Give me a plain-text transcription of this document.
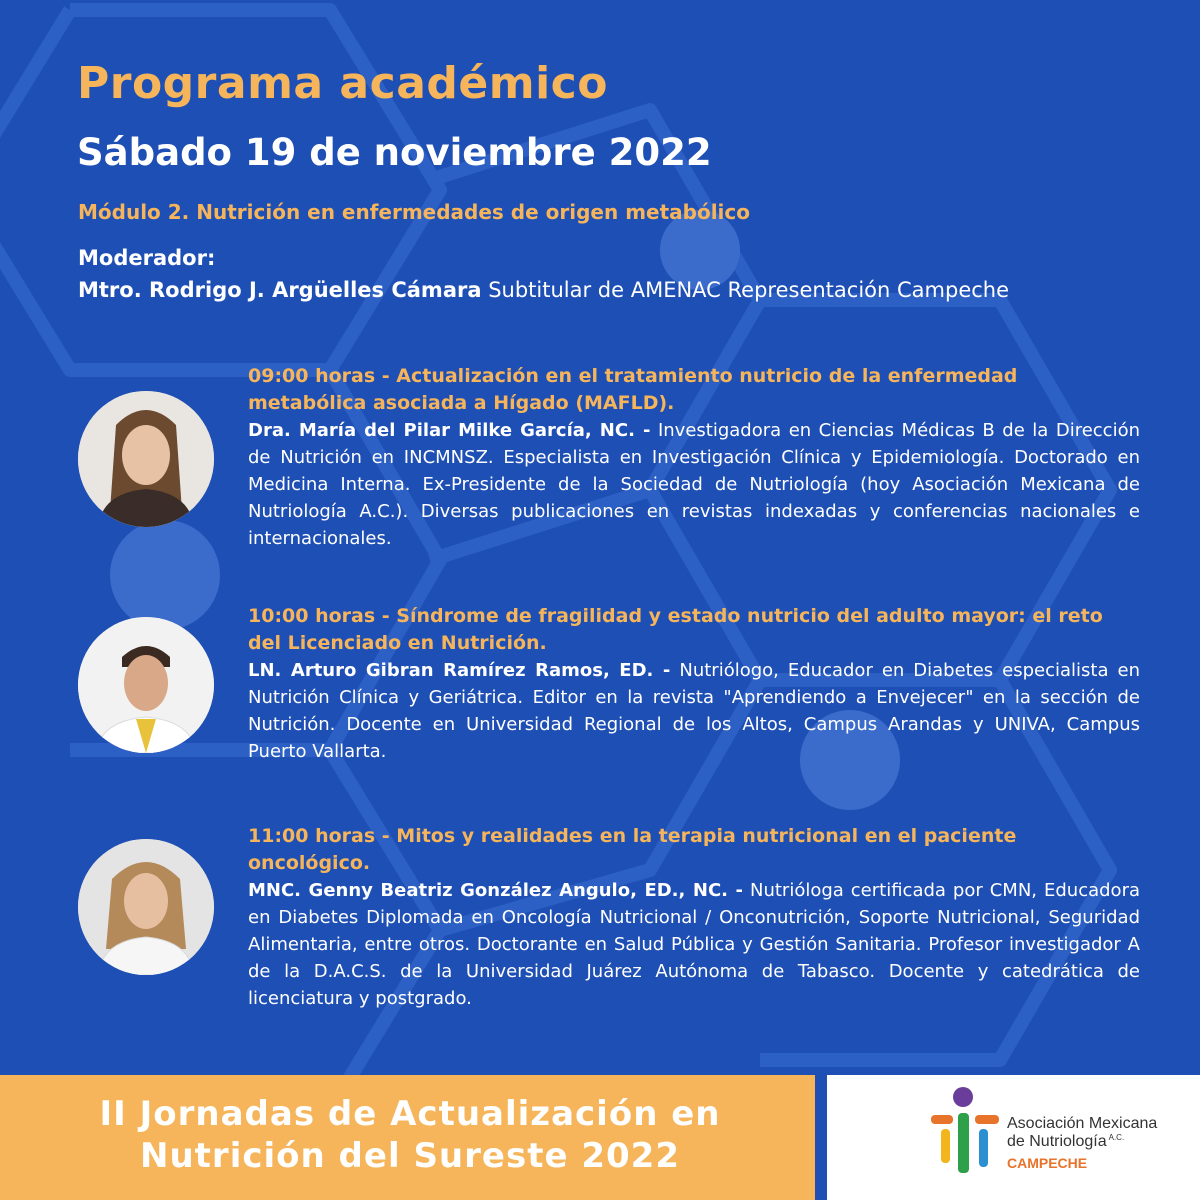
Programa académico
Sábado 19 de noviembre 2022
Módulo 2. Nutrición en enfermedades de origen metabólico
Moderador:
Mtro. Rodrigo J. Argüelles Cámara Subtitular de AMENAC Representación Campeche
09:00 horas - Actualización en el tratamiento nutricio de la enfermedad
metabólica asociada a Hígado (MAFLD).
Dra. María del Pilar Milke García, NC. - Investigadora en Ciencias Médicas B de la Dirección de Nutrición en INCMNSZ. Especialista en Investigación Clínica y Epidemiología. Doctorado en Medicina Interna. Ex-Presidente de la Sociedad de Nutriología (hoy Asociación Mexicana de Nutriología A.C.). Diversas publicaciones en revistas indexadas y conferencias nacionales e internacionales.
10:00 horas - Síndrome de fragilidad y estado nutricio del adulto mayor: el reto
del Licenciado en Nutrición.
LN. Arturo Gibran Ramírez Ramos, ED. - Nutriólogo, Educador en Diabetes especialista en Nutrición Clínica y Geriátrica. Editor en la revista "Aprendiendo a Envejecer" en la sección de Nutrición. Docente en Universidad Regional de los Altos, Campus Arandas y UNIVA, Campus Puerto Vallarta.
11:00 horas - Mitos y realidades en la terapia nutricional en el paciente oncológico.
MNC. Genny Beatriz González Angulo, ED., NC. - Nutrióloga certificada por CMN, Educadora en Diabetes Diplomada en Oncología Nutricional / Onconutrición, Soporte Nutricional, Seguridad Alimentaria, entre otros. Doctorante en Salud Pública y Gestión Sanitaria. Profesor investigador A de la D.A.C.S. de la Universidad Juárez Autónoma de Tabasco. Docente y catedrática de licenciatura y postgrado.
II Jornadas de Actualización en
Nutrición del Sureste 2022
Asociación Mexicana
de Nutriología $^{A.C.}$
CAMPECHE
